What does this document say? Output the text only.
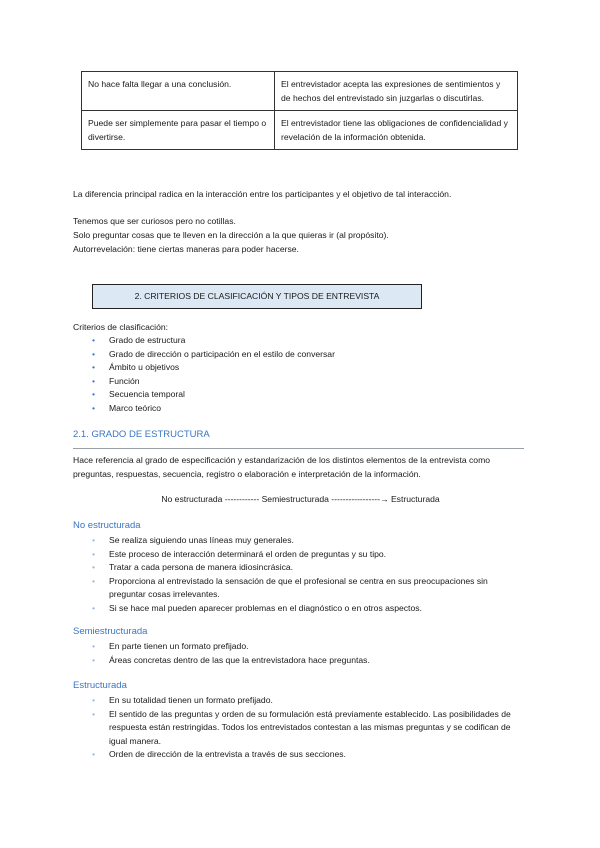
No hace falta llegar a una conclusión.	El entrevistador acepta las expresiones de sentimientos y de hechos del entrevistado sin juzgarlas o discutirlas.
Puede ser simplemente para pasar el tiempo o divertirse.	El entrevistador tiene las obligaciones de confidencialidad y revelación de la información obtenida.
La diferencia principal radica en la interacción entre los participantes y el objetivo de tal interacción.
Tenemos que ser curiosos pero no cotillas.
Solo preguntar cosas que te lleven en la dirección a la que quieras ir (al propósito).
Autorrevelación: tiene ciertas maneras para poder hacerse.
2. CRITERIOS DE CLASIFICACIÓN Y TIPOS DE ENTREVISTA
Criterios de clasificación:
• Grado de estructura
• Grado de dirección o participación en el estilo de conversar
• Ámbito u objetivos
• Función
• Secuencia temporal
• Marco teórico
2.1. GRADO DE ESTRUCTURA
Hace referencia al grado de especificación y estandarización de los distintos elementos de la entrevista como preguntas, respuestas, secuencia, registro o elaboración e interpretación de la información.
No estructurada ------------ Semiestructurada -----------------→ Estructurada
No estructurada
• Se realiza siguiendo unas líneas muy generales.
• Este proceso de interacción determinará el orden de preguntas y su tipo.
• Tratar a cada persona de manera idiosincrásica.
• Proporciona al entrevistado la sensación de que el profesional se centra en sus preocupaciones sin preguntar cosas irrelevantes.
• Si se hace mal pueden aparecer problemas en el diagnóstico o en otros aspectos.
Semiestructurada
• En parte tienen un formato prefijado.
• Áreas concretas dentro de las que la entrevistadora hace preguntas.
Estructurada
• En su totalidad tienen un formato prefijado.
• El sentido de las preguntas y orden de su formulación está previamente establecido. Las posibilidades de respuesta están restringidas. Todos los entrevistados contestan a las mismas preguntas y se codifican de igual manera.
• Orden de dirección de la entrevista a través de sus secciones.
